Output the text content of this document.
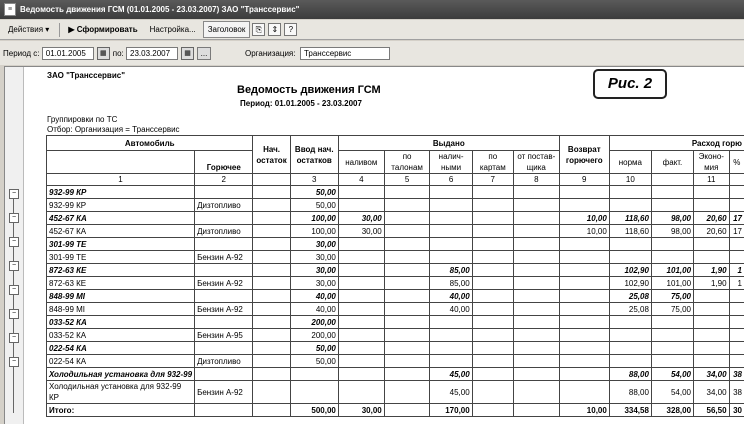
≡ Ведомость движения ГСМ (01.01.2005 - 23.03.2007) ЗАО "Транссервис"
Действия ▾	▶ Сформировать Настройка... Заголовок	⎘	⇕	?
Период с:
01.01.2005	▦ по:
23.03.2007	▦	...	Организация:
Транссервис
−
−
−
−
−
−
−
−
ЗАО "Транссервис"
Ведомость движения ГСМ
Период: 01.01.2005 - 23.03.2007
Группировки по ТС
Отбор: Организация = Транссервис
Рис. 2
Автомобиль		Нач. остаток	Ввод нач. остатков	Выдано					Возврат горючего	Расход горю			
	Горючее			наливом	по талонам	налич-ными	по картам	от постав-щика		норма	факт.	Эконо-мия	%
1	2		3	4	5	6	7	8	9	10		11	
932-99 КР			50,00										
932-99 КР	Дизтопливо		50,00										
452-67 КА			100,00	30,00					10,00	118,60	98,00	20,60	17
452-67 КА	Дизтопливо		100,00	30,00					10,00	118,60	98,00	20,60	17
301-99 ТЕ			30,00										
301-99 ТЕ	Бензин А-92		30,00										
872-63 КЕ			30,00			85,00				102,90	101,00	1,90	1
872-63 КЕ	Бензин А-92		30,00			85,00				102,90	101,00	1,90	1
848-99 МI			40,00			40,00				25,08	75,00		
848-99 МI	Бензин А-92		40,00			40,00				25,08	75,00		
033-52 КА			200,00										
033-52 КА	Бензин А-95		200,00										
022-54 КА			50,00										
022-54 КА	Дизтопливо		50,00										
Холодильная установка для 932-99						45,00				88,00	54,00	34,00	38
Холодильная установка для 932-99 КР	Бензин А-92					45,00				88,00	54,00	34,00	38
Итого:			500,00	30,00		170,00			10,00	334,58	328,00	56,50	30
